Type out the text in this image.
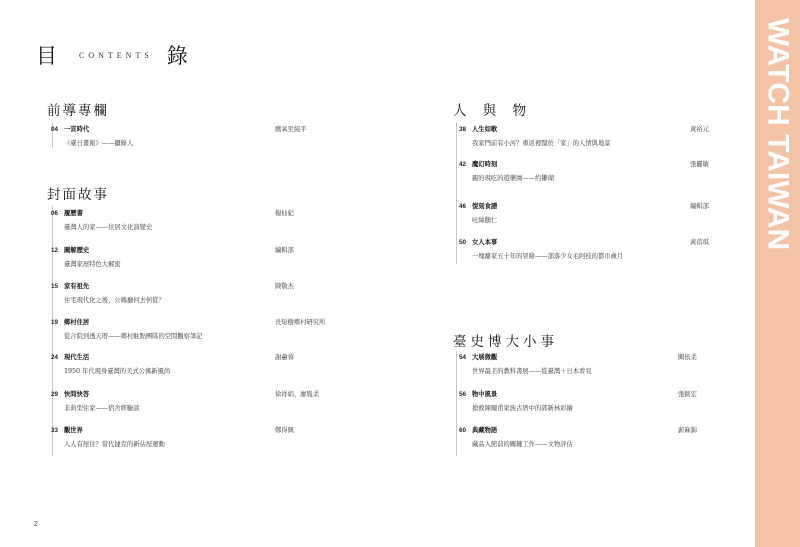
目	CONTENTS 錄
前導專欄
04 一頁時代	鷹氧至純平
《臺日畫報》——攝錄人
封面故事
06 履歷書	楊仙妃
臺灣人的家——住居文化演變史
12 圖解歷史	編輯部
臺灣家屋特色大解密
15 家有祖先	陳敬杰
住宅現代化之後，公媽廳何去何從？
19 鄉村住居	長短樹鄉村研究所
從合院到透天厝——鄉村駐點團隊的空間觀察筆記
24 現代生活	謝蕙蓉
1950 年代現身臺灣的美式公寓新風尚
29 快問快答	徐祥娟、廖胤柔
非典型住家——宿舍經驗談
33 觀世界	鄭得興
人人有屋住？當代捷克的新佔屋運動
人 與 物
38 人生如歌	黃裕元
我家門前有小河？重返裡闊於「家」的人情與地景
42 魔幻時刻	張麗敏
親的現吃的遊樂園——約獺瑚
46 復刻食譜	編輯部
吐絲鵝仁
50 女人本事	黃蓓琪
一塊離家五十年的冒險——部落少女毛阿枝的都市歲月
臺史博大小事
54 大展微觀	闕依柔
世界最美的教科書展——從臺灣＋日本看見
56 物中風景	張銘宏
搶救陳爾甫家族古厝中的郭新林彩繪
60 典藏物語	薪麻錦
藏品入館前的關鍵工作——文物評估
WATCH TAIWAN
2
